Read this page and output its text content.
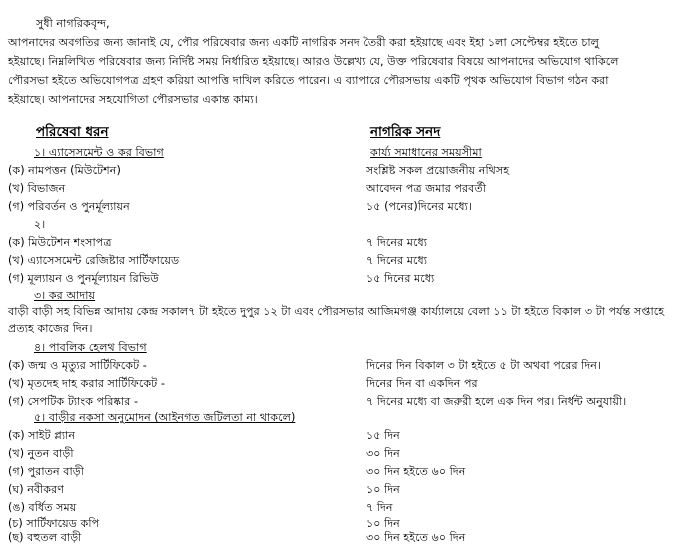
সুধী নাগরিকবৃন্দ,
আপনাদের অবগতির জন্য জানাই যে, পৌর পরিষেবার জন্য একটি নাগরিক সনদ তৈরী করা হইয়াছে এবং ইহা ১লা সেপ্টেম্বর হইতে চালু
হইয়াছে। নিম্নলিখিত পরিষেবার জন্য নির্দিষ্ট সময় নির্ধারিত হইয়াছে। আরও উল্লেখ্য যে, উক্ত পরিষেবার বিষয়ে আপনাদের অভিযোগ থাকিলে
পৌরসভা হইতে অভিযোগপত্র গ্রহণ করিয়া আপত্তি দাখিল করিতে পারেন। এ ব্যাপারে পৌরসভায় একটি পৃথক অভিযোগ বিভাগ গঠন করা
হইয়াছে। আপনাদের সহযোগিতা পৌরসভার একান্ত কাম্য।
পরিষেবা ধরন	নাগরিক সনদ
১। এ্যাসেসমেন্ট ও কর বিভাগ	কার্য্য সমাধানের সময়সীমা
(ক) নামপত্তন (মিউটেশন)	সংশ্লিষ্ট সকল প্রয়োজনীয় নথিসহ
(খ) বিভাজন	আবেদন পত্র জমার পরবর্তী
(গ) পরিবর্তন ও পুনর্মূল্যায়ন	১৫ (পনের)দিনের মধ্যে।
২।
(ক) মিউটেশন শংসাপত্র	৭ দিনের মধ্যে
(খ) এ্যাসেসমেন্ট রেজিষ্টার সার্টিফায়েড	৭ দিনের মধ্যে
(গ) মূল্যায়ন ও পুনর্মূল্যায়ন রিভিউ	১৫ দিনের মধ্যে
৩। কর আদায়
বাড়ী বাড়ী সহ বিভিন্ন আদায় কেন্দ্র সকাল৭ টা হইতে দুপুর ১২ টা এবং পৌরসভার আজিমগঞ্জ কার্য্যালয়ে বেলা ১১ টা হইতে বিকাল ৩ টা পর্যন্ত সপ্তাহে
প্রত্যহ কাজের দিন।
৪। পাবলিক হেলথ বিভাগ
(ক) জন্ম ও মৃত্যুর সার্টিফিকেট -	দিনের দিন বিকাল ৩ টা হইতে ৫ টা অথবা পরের দিন।
(খ) মৃতদেহ দাহ করার সার্টিফিকেট -	দিনের দিন বা একদিন পর
(গ) সেপটিক ট্যাংক পরিষ্কার -	৭ দিনের মধ্যে বা জরুরী হলে এক দিন পর। নির্ধন্ট অনুযায়ী।
৫। বাড়ীর নকসা অনুমোদন (আইনগত জটিলতা না থাকলে)
(ক) সাইট প্ল্যান	১৫ দিন
(খ) নুতন বাড়ী	৩০ দিন
(গ) পুরাতন বাড়ী	৩০ দিন হইতে ৬০ দিন
(ঘ) নবীকরণ	১০ দিন
(ঙ) বর্ধিত সময়	৭ দিন
(চ) সার্টিফায়েড কপি	১০ দিন
(ছ) বহুতল বাড়ী	৩০ দিন হইতে ৬০ দিন
